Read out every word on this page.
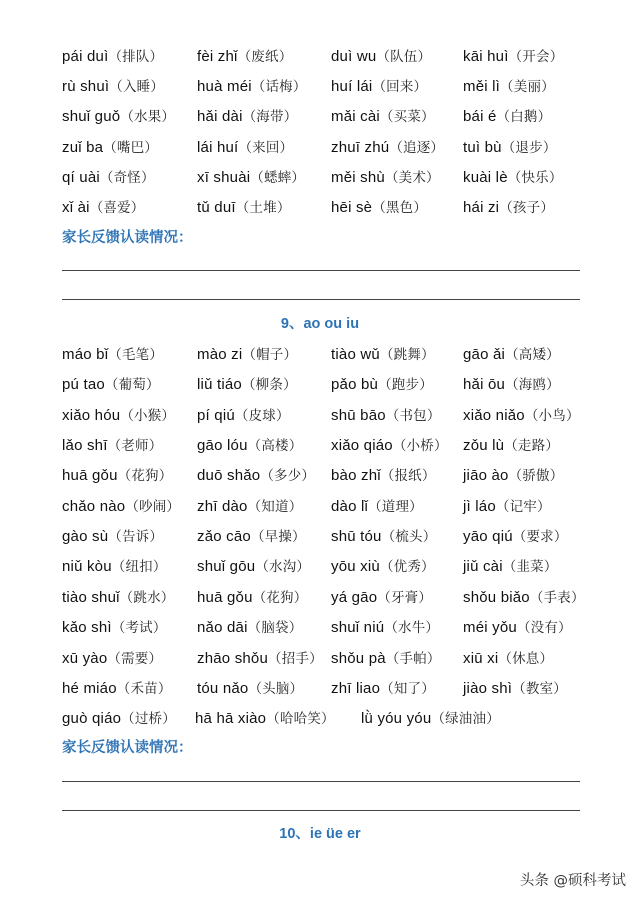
pái duì（排队） fèi zhǐ（废纸）	duì wu（队伍） kāi huì（开会）
rù shuì（入睡） huà méi（话梅） huí lái（回来） měi lì（美丽）
shuǐ guǒ（水果） hǎi dài（海带） mǎi cài（买菜） bái é（白鹅）
zuǐ ba（嘴巴）	lái huí（来回）	zhuī zhú（追逐） tuì bù（退步）
qí uài（奇怪）	xī shuài（蟋蟀） měi shù（美术） kuài lè（快乐）
xǐ ài（喜爱）	tǔ duī（土堆）	hēi sè（黑色） hái zi（孩子）
家长反馈认读情况：
9、ao ou iu
máo bǐ（毛笔） mào zi（帽子） tiào wǔ（跳舞） gāo ǎi（高矮）
pú tao（葡萄） liǔ tiáo（柳条） pǎo bù（跑步） hǎi ōu（海鸥）
xiǎo hóu（小猴） pí qiú（皮球）	shū bāo（书包） xiǎo niǎo（小鸟）
lǎo shī（老师） gāo lóu（高楼） xiǎo qiáo（小桥） zǒu lù（走路）
huā gǒu（花狗） duō shǎo（多少） bào zhǐ（报纸） jiāo ào（骄傲）
chǎo nào（吵闹） zhī dào（知道） dào lǐ（道理）	jì láo（记牢）
gào sù（告诉） zǎo cāo（早操） shū tóu（梳头） yāo qiú（要求）
niǔ kòu（纽扣） shuǐ gōu（水沟） yōu xiù（优秀） jiǔ cài（韭菜）
tiào shuǐ（跳水） huā gǒu（花狗） yá gāo（牙膏） shǒu biǎo（手表）
kǎo shì（考试） nǎo dāi（脑袋） shuǐ niú（水牛） méi yǒu（没有）
xū yào（需要） zhāo shǒu（招手） shǒu pà（手帕） xiū xi（休息）
hé miáo（禾苗） tóu nǎo（头脑） zhī liao（知了） jiào shì（教室）
guò qiáo（过桥） hā hā xiào（哈哈笑） lǜ yóu yóu（绿油油）
家长反馈认读情况：
10、ie üe er
头条 @硕科考试
